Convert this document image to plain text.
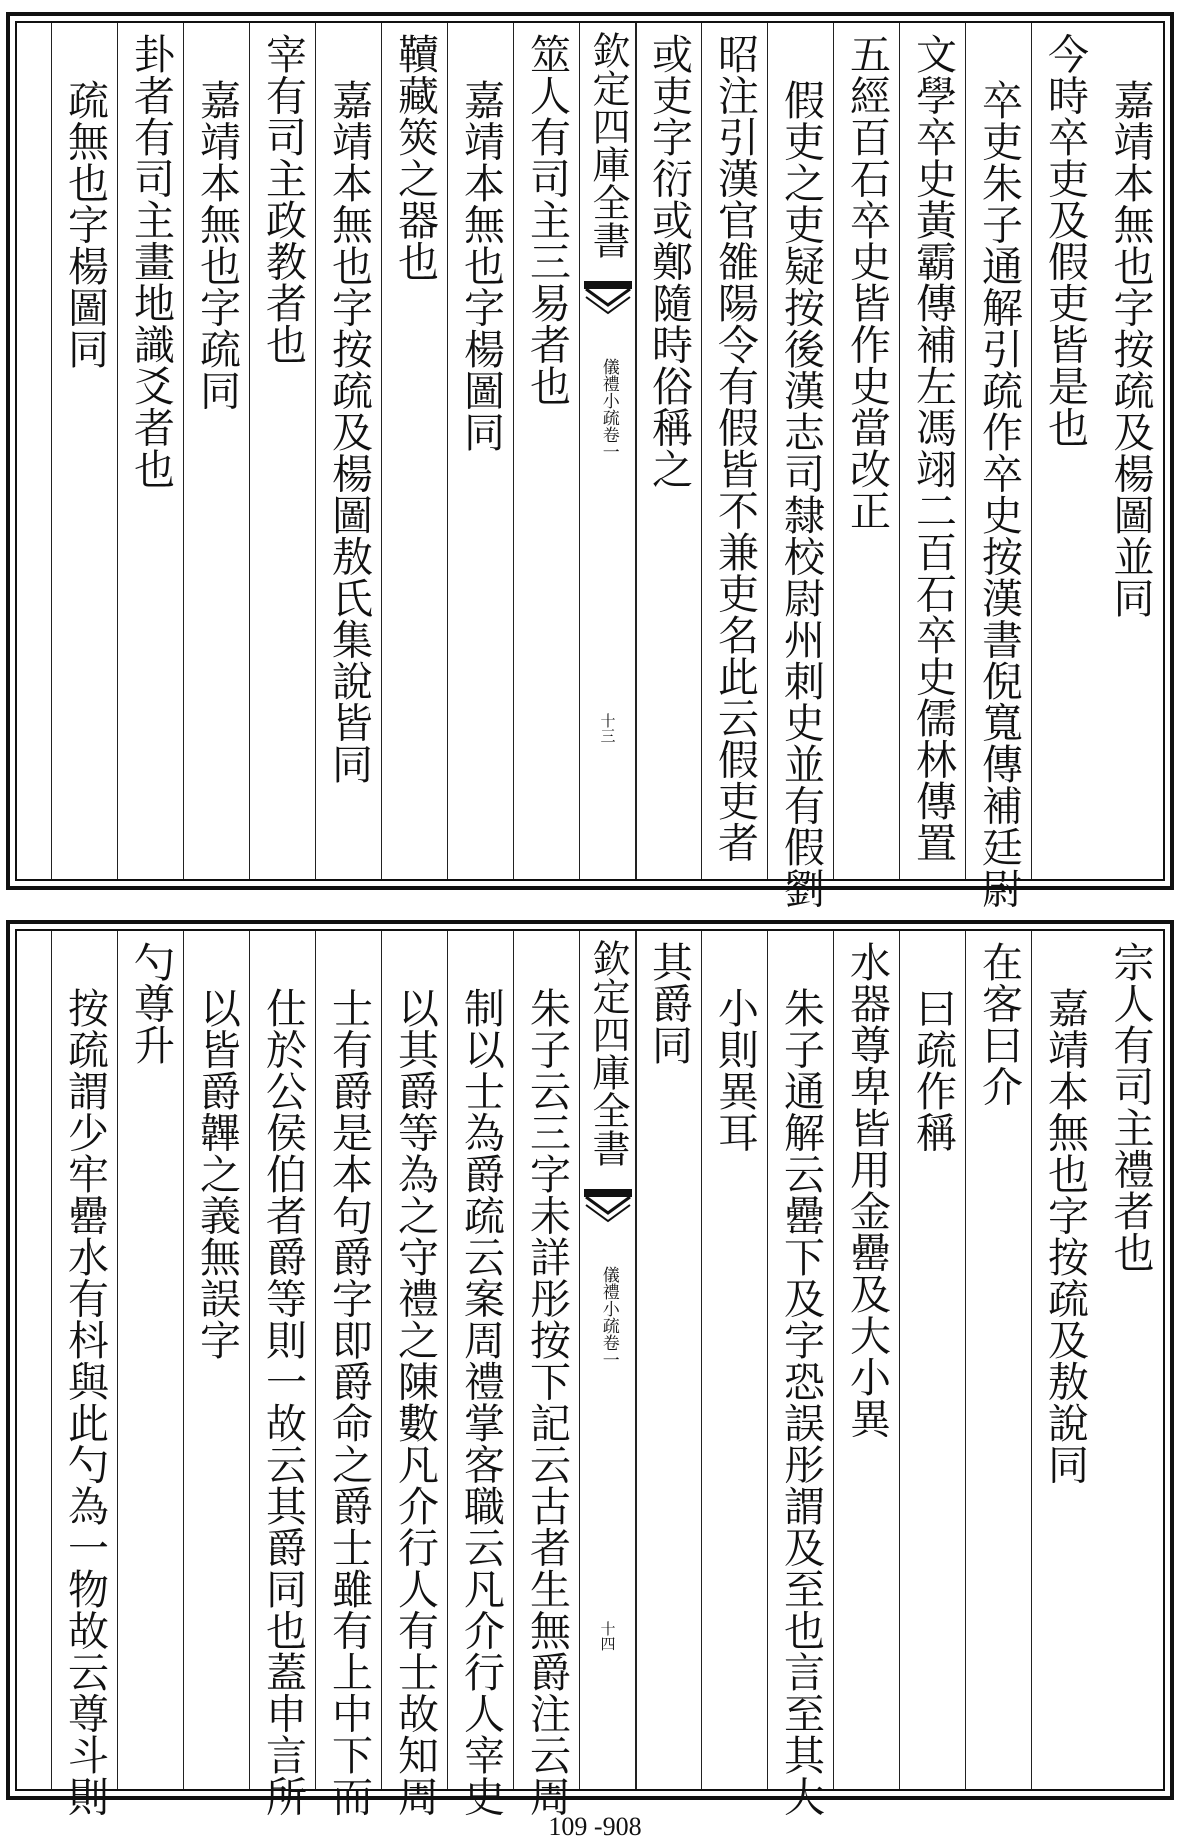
嘉靖本無也字按疏及楊圖並同
今時卒吏及假吏皆是也
卒吏朱子通解引疏作卒史按漢書倪寬傳補廷尉
文學卒史黃霸傳補左馮翊二百石卒史儒林傳置
五經百石卒史皆作史當改正
假吏之吏疑按後漢志司隸校尉州刺史並有假劉
昭注引漢官雒陽令有假皆不兼吏名此云假吏者
或吏字衍或鄭隨時俗稱之
欽定四庫全書
儀禮小疏卷一
十三
筮人有司主三易者也
嘉靖本無也字楊圖同
韇藏筴之器也
嘉靖本無也字按疏及楊圖敖氏集說皆同
宰有司主政教者也
嘉靖本無也字疏同
卦者有司主畫地識爻者也
疏無也字楊圖同
宗人有司主禮者也
嘉靖本無也字按疏及敖說同
在客曰介
曰疏作稱
水器尊卑皆用金罍及大小異
朱子通解云罍下及字恐誤彤謂及至也言至其大
小則異耳
其爵同
欽定四庫全書
儀禮小疏卷一
十四
朱子云三字未詳彤按下記云古者生無爵注云周
制以士為爵疏云案周禮掌客職云凡介行人宰史
以其爵等為之守禮之陳數凡介行人有士故知周
士有爵是本句爵字即爵命之爵士雖有上中下而
仕於公侯伯者爵等則一故云其爵同也蓋申言所
以皆爵韠之義無誤字
勺尊升
按疏謂少牢罍水有枓與此勺為一物故云尊斗則
109 -908
